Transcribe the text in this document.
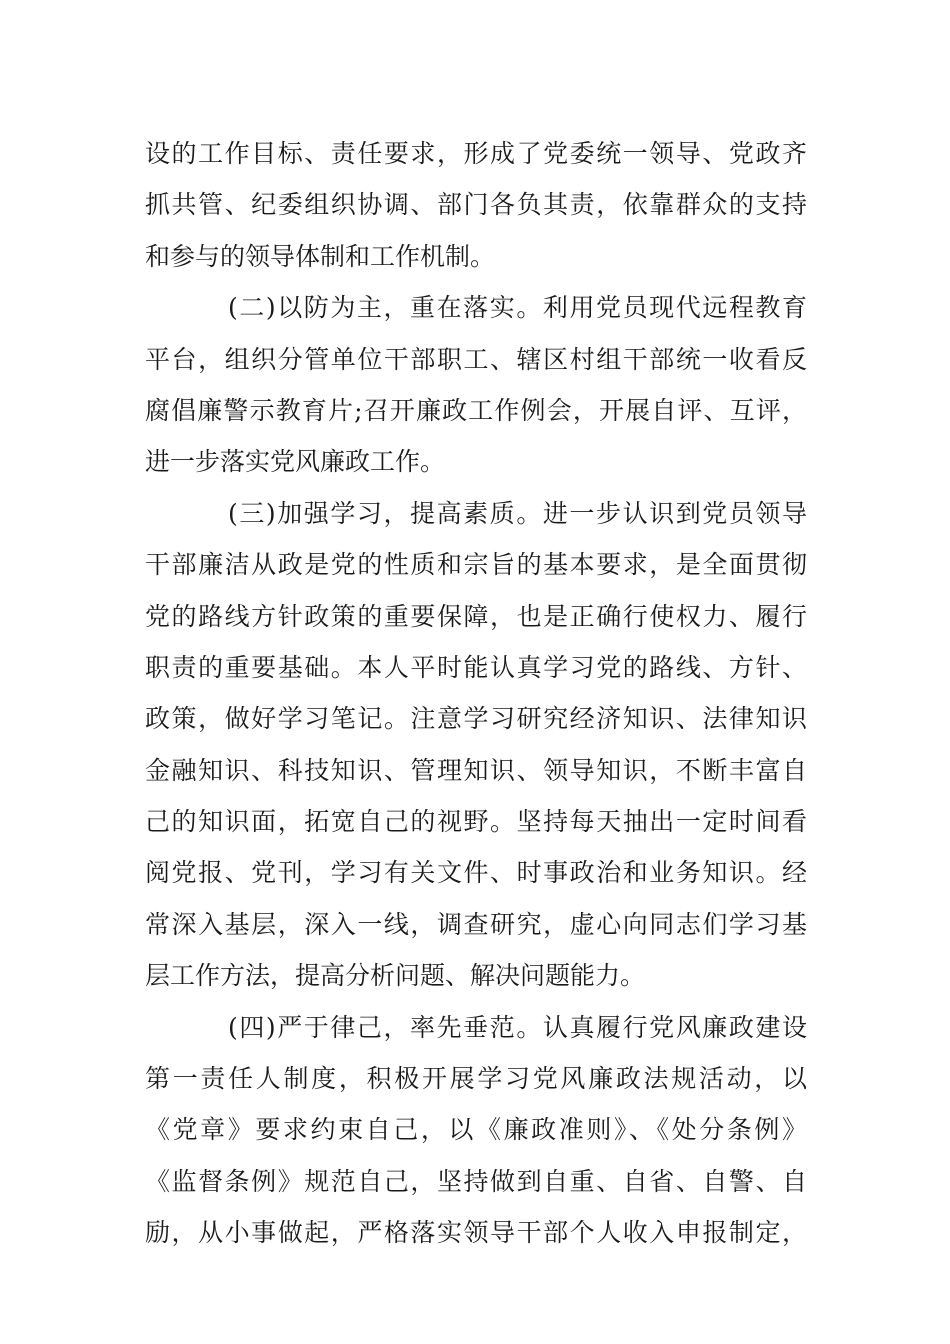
设的工作目标、责任要求，形成了党委统一领导、党政齐
抓共管、纪委组织协调、部门各负其责，依靠群众的支持
和参与的领导体制和工作机制。
(二)以防为主，重在落实。利用党员现代远程教育
平台，组织分管单位干部职工、辖区村组干部统一收看反
腐倡廉警示教育片;召开廉政工作例会，开展自评、互评，
进一步落实党风廉政工作。
(三)加强学习，提高素质。进一步认识到党员领导
干部廉洁从政是党的性质和宗旨的基本要求，是全面贯彻
党的路线方针政策的重要保障，也是正确行使权力、履行
职责的重要基础。本人平时能认真学习党的路线、方针、
政策，做好学习笔记。注意学习研究经济知识、法律知识
金融知识、科技知识、管理知识、领导知识，不断丰富自
己的知识面，拓宽自己的视野。坚持每天抽出一定时间看
阅党报、党刊，学习有关文件、时事政治和业务知识。经
常深入基层，深入一线，调查研究，虚心向同志们学习基
层工作方法，提高分析问题、解决问题能力。
(四)严于律己，率先垂范。认真履行党风廉政建设
第一责任人制度，积极开展学习党风廉政法规活动，以
《党章》要求约束自己，以《廉政准则》、《处分条例》
《监督条例》规范自己，坚持做到自重、自省、自警、自
励，从小事做起，严格落实领导干部个人收入申报制定，
